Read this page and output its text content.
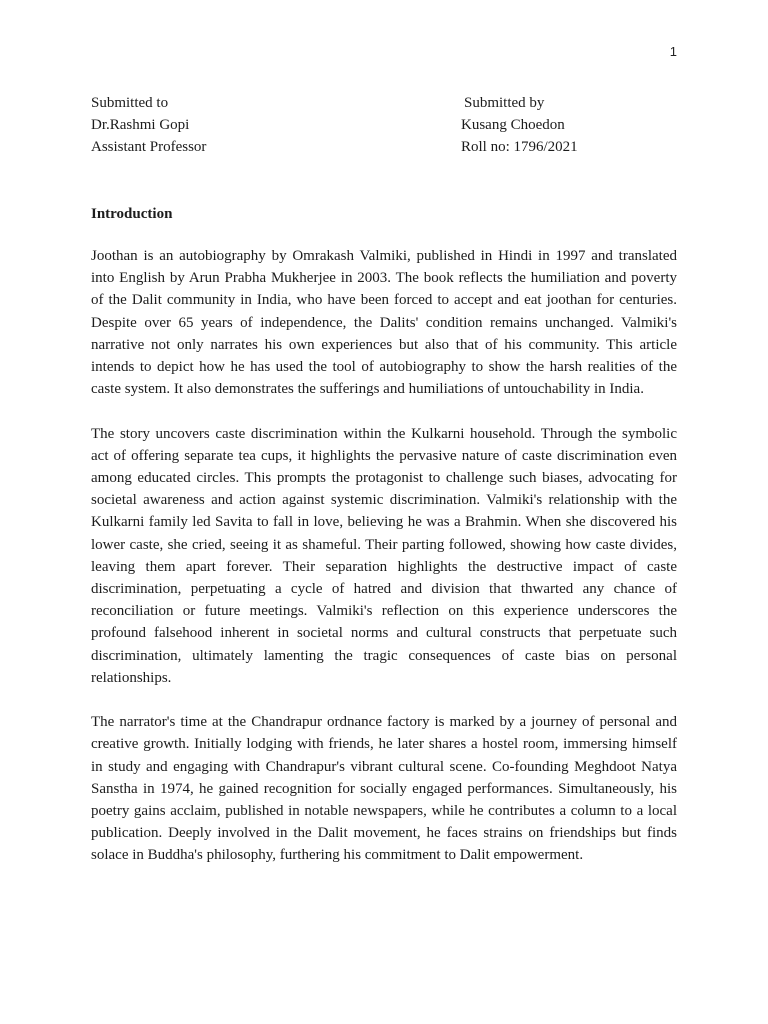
1
Submitted to
Dr.Rashmi Gopi
Assistant Professor
Submitted by
Kusang Choedon
Roll no: 1796/2021
Introduction

Joothan is an autobiography by Omrakash Valmiki, published in Hindi in 1997 and translated into English by Arun Prabha Mukherjee in 2003. The book reflects the humiliation and poverty of the Dalit community in India, who have been forced to accept and eat joothan for centuries. Despite over 65 years of independence, the Dalits' condition remains unchanged. Valmiki's narrative not only narrates his own experiences but also that of his community. This article intends to depict how he has used the tool of autobiography to show the harsh realities of the caste system. It also demonstrates the sufferings and humiliations of untouchability in India.

The story uncovers caste discrimination within the Kulkarni household. Through the symbolic act of offering separate tea cups, it highlights the pervasive nature of caste discrimination even among educated circles. This prompts the protagonist to challenge such biases, advocating for societal awareness and action against systemic discrimination. Valmiki's relationship with the Kulkarni family led Savita to fall in love, believing he was a Brahmin. When she discovered his lower caste, she cried, seeing it as shameful. Their parting followed, showing how caste divides, leaving them apart forever. Their separation highlights the destructive impact of caste discrimination, perpetuating a cycle of hatred and division that thwarted any chance of reconciliation or future meetings. Valmiki's reflection on this experience underscores the profound falsehood inherent in societal norms and cultural constructs that perpetuate such discrimination, ultimately lamenting the tragic consequences of caste bias on personal relationships.

The narrator's time at the Chandrapur ordnance factory is marked by a journey of personal and creative growth. Initially lodging with friends, he later shares a hostel room, immersing himself in study and engaging with Chandrapur's vibrant cultural scene. Co-founding Meghdoot Natya Sanstha in 1974, he gained recognition for socially engaged performances. Simultaneously, his poetry gains acclaim, published in notable newspapers, while he contributes a column to a local publication. Deeply involved in the Dalit movement, he faces strains on friendships but finds solace in Buddha's philosophy, furthering his commitment to Dalit empowerment.
